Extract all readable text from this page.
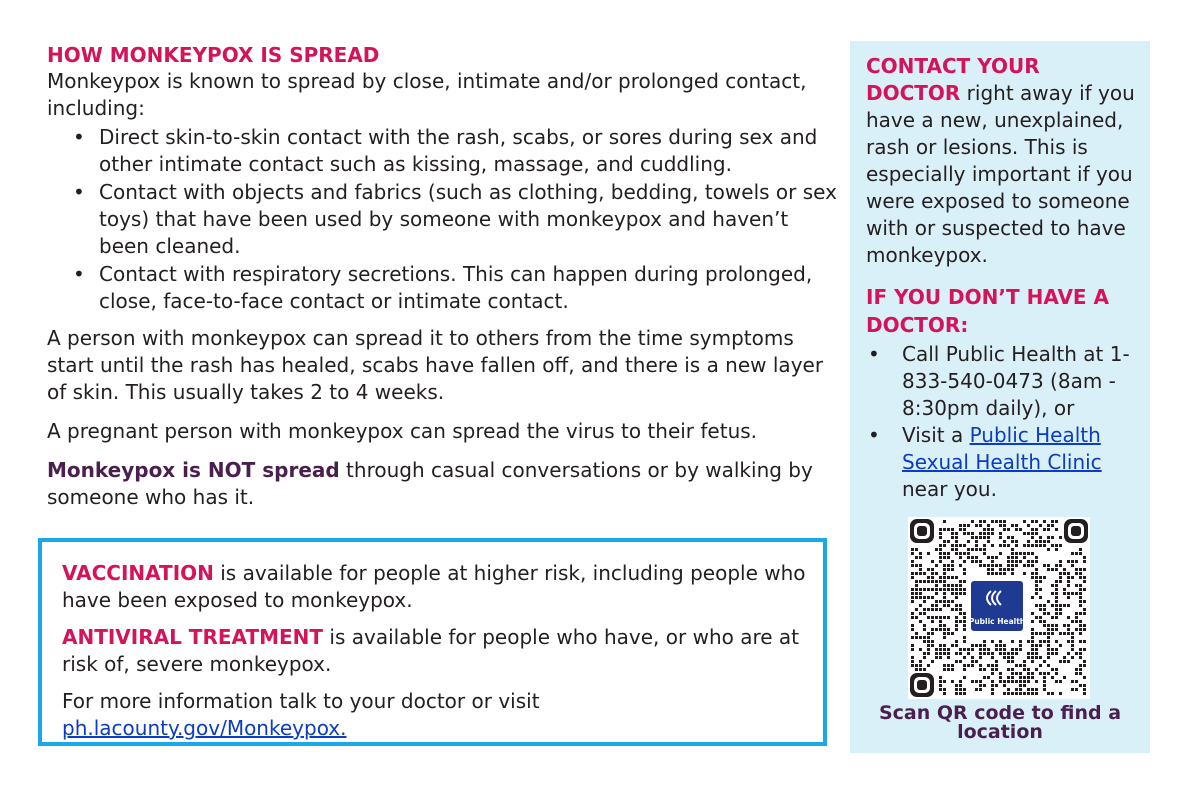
HOW MONKEYPOX IS SPREAD

Monkeypox is known to spread by close, intimate and/or prolonged contact, including:

• Direct skin-to-skin contact with the rash, scabs, or sores during sex and other intimate contact such as kissing, massage, and cuddling.
• Contact with objects and fabrics (such as clothing, bedding, towels or sex toys) that have been used by someone with monkeypox and haven’t been cleaned.
• Contact with respiratory secretions. This can happen during prolonged, close, face-to-face contact or intimate contact.

A person with monkeypox can spread it to others from the time symptoms start until the rash has healed, scabs have fallen off, and there is a new layer of skin. This usually takes 2 to 4 weeks.

A pregnant person with monkeypox can spread the virus to their fetus.

Monkeypox is NOT spread through casual conversations or by walking by someone who has it.

VACCINATION is available for people at higher risk, including people who have been exposed to monkeypox.

ANTIVIRAL TREATMENT is available for people who have, or who are at risk of, severe monkeypox.

For more information talk to your doctor or visit
ph.lacounty.gov/Monkeypox.

CONTACT YOUR DOCTOR right away if you have a new, unexplained, rash or lesions. This is especially important if you were exposed to someone with or suspected to have monkeypox.

IF YOU DON’T HAVE A DOCTOR:

• Call Public Health at 1-833-540-0473 (8am - 8:30pm daily), or
• Visit a Public Health Sexual Health Clinic near you.
Public Health
Scan QR code to find a location
